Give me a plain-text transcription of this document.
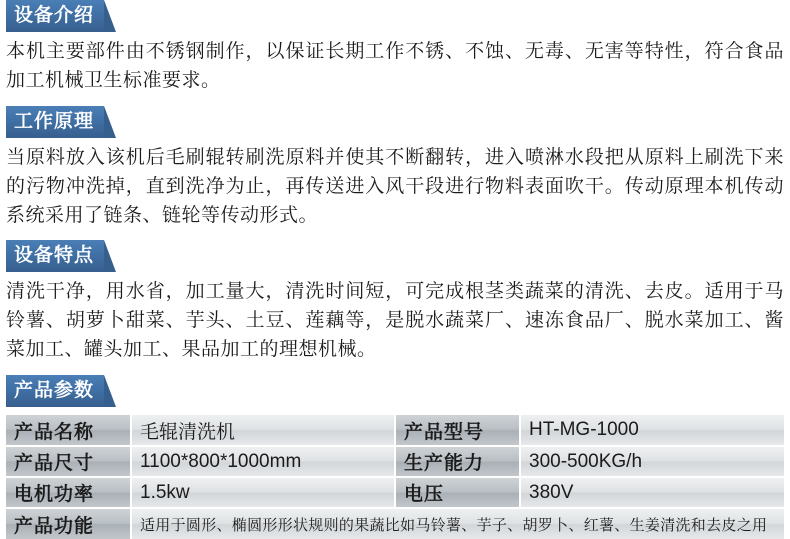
设备介绍
本机主要部件由不锈钢制作，以保证长期工作不锈、不蚀、无毒、无害等特性，符合食品加工机械卫生标准要求。
工作原理
当原料放入该机后毛刷辊转刷洗原料并使其不断翻转，进入喷淋水段把从原料上刷洗下来的污物冲洗掉，直到洗净为止，再传送进入风干段进行物料表面吹干。传动原理本机传动系统采用了链条、链轮等传动形式。
设备特点
清洗干净，用水省，加工量大，清洗时间短，可完成根茎类蔬菜的清洗、去皮。适用于马铃薯、胡萝卜甜菜、芋头、土豆、莲藕等，是脱水蔬菜厂、速冻食品厂、脱水菜加工、酱菜加工、罐头加工、果品加工的理想机械。
产品参数
产品名称	毛辊清洗机	产品型号	HT-MG-1000
产品尺寸	1100*800*1000mm	生产能力	300-500KG/h
电机功率	1.5kw	电压	380V
产品功能	适用于圆形、椭圆形形状规则的果蔬比如马铃薯、芋子、胡罗卜、红薯、生姜清洗和去皮之用		
